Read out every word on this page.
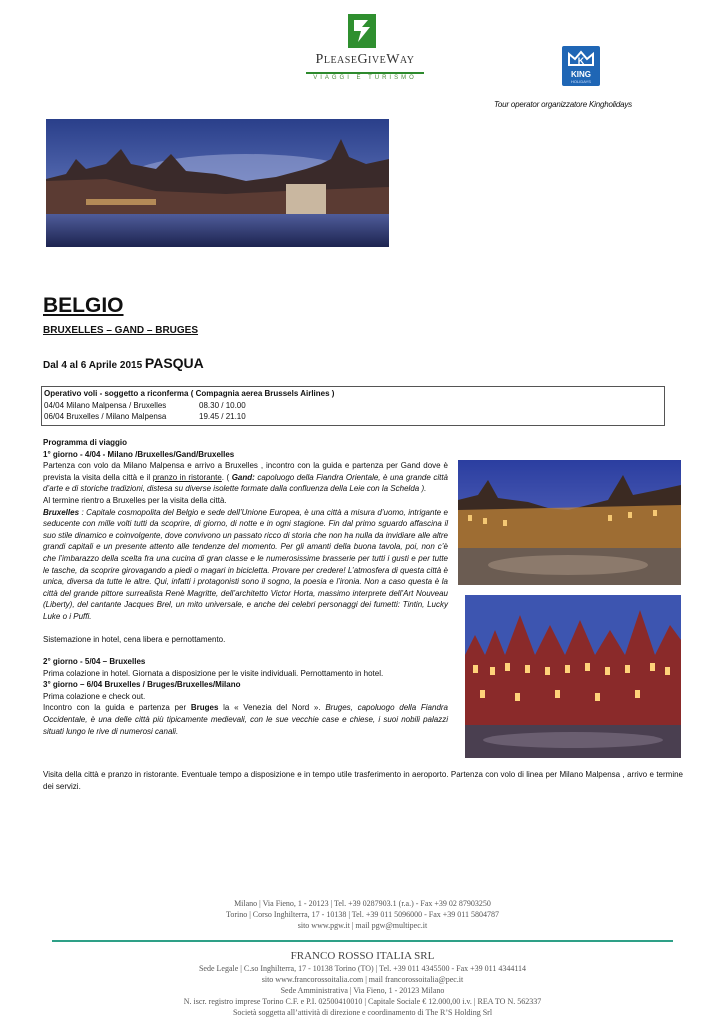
PleaseGiveWay
VIAGGI E TURISMO
K
KING
HOLIDAYS
Tour operator organizzatore Kingholidays
BELGIO
BRUXELLES – GAND – BRUGES
Dal 4 al 6 Aprile 2015 PASQUA
Operativo voli - soggetto a riconferma ( Compagnia aerea Brussels Airlines )
04/04 Milano Malpensa / Bruxelles	08.30 / 10.00
06/04 Bruxelles / Milano Malpensa	19.45 / 21.10

Programma di viaggio

1° giorno - 4/04 - Milano /Bruxelles/Gand/Bruxelles

Partenza con volo da Milano Malpensa e arrivo a Bruxelles , incontro con la guida e partenza per Gand dove è prevista la visita della città e il pranzo in ristorante. ( Gand: capoluogo della Fiandra Orientale, è una grande città d’arte e di storiche tradizioni, distesa su diverse isolette formate dalla confluenza della Leie con la Schelda ).

Al termine rientro a Bruxelles per la visita della città.

Bruxelles : Capitale cosmopolita del Belgio e sede dell’Unione Europea, è una città a misura d’uomo, intrigante e seducente con mille volti tutti da scoprire, di giorno, di notte e in ogni stagione. Fin dal primo sguardo affascina il suo stile dinamico e coinvolgente, dove convivono un passato ricco di storia che non ha nulla da invidiare alle altre grandi capitali e un presente attento alle tendenze del momento. Per gli amanti della buona tavola, poi, non c’è che l’imbarazzo della scelta fra una cucina di gran classe e le numerosissime brasserie per tutti i gusti e per tutte le tasche, da scoprire girovagando a piedi o magari in bicicletta. Provare per credere! L’atmosfera di questa città è unica, diversa da tutte le altre. Qui, infatti i protagonisti sono il sogno, la poesia e l’ironia. Non a caso questa è la città del grande pittore surrealista Renè Magritte, dell’architetto Victor Horta, massimo interprete dell’Art Nouveau (Liberty), del cantante Jacques Brel, un mito universale, e anche dei celebri personaggi dei fumetti: Tintin, Lucky Luke o i Puffi.

Sistemazione in hotel, cena libera e pernottamento.

2° giorno - 5/04 – Bruxelles

Prima colazione in hotel. Giornata a disposizione per le visite individuali. Pernottamento in hotel.

3° giorno – 6/04 Bruxelles / Bruges/Bruxelles/Milano

Prima colazione e check out.

Incontro con la guida e partenza per Bruges la « Venezia del Nord ». Bruges, capoluogo della Fiandra Occidentale, è una delle città più tipicamente medievali, con le sue vecchie case e chiese, i suoi nobili palazzi situati lungo le rive di numerosi canali.

Visita della città e pranzo in ristorante. Eventuale tempo a disposizione e in tempo utile trasferimento in aeroporto. Partenza con volo di linea per Milano Malpensa , arrivo e termine dei servizi.
Milano | Via Fieno, 1 - 20123 | Tel. +39 0287903.1 (r.a.) - Fax +39 02 87903250
Torino | Corso Inghilterra, 17 - 10138 | Tel. +39 011 5096000 - Fax +39 011 5804787
sito www.pgw.it | mail pgw@multipec.it
FRANCO ROSSO ITALIA SRL
Sede Legale | C.so Inghilterra, 17 - 10138 Torino (TO) | Tel. +39 011 4345500 - Fax +39 011 4344114
sito www.francorossoitalia.com | mail francorossoitalia@pec.it
Sede Amministrativa | Via Fieno, 1 - 20123 Milano
N. iscr. registro imprese Torino C.F. e P.I. 02500410010 | Capitale Sociale € 12.000,00 i.v. | REA TO N. 562337
Società soggetta all’attività di direzione e coordinamento di The R’S Holding Srl
